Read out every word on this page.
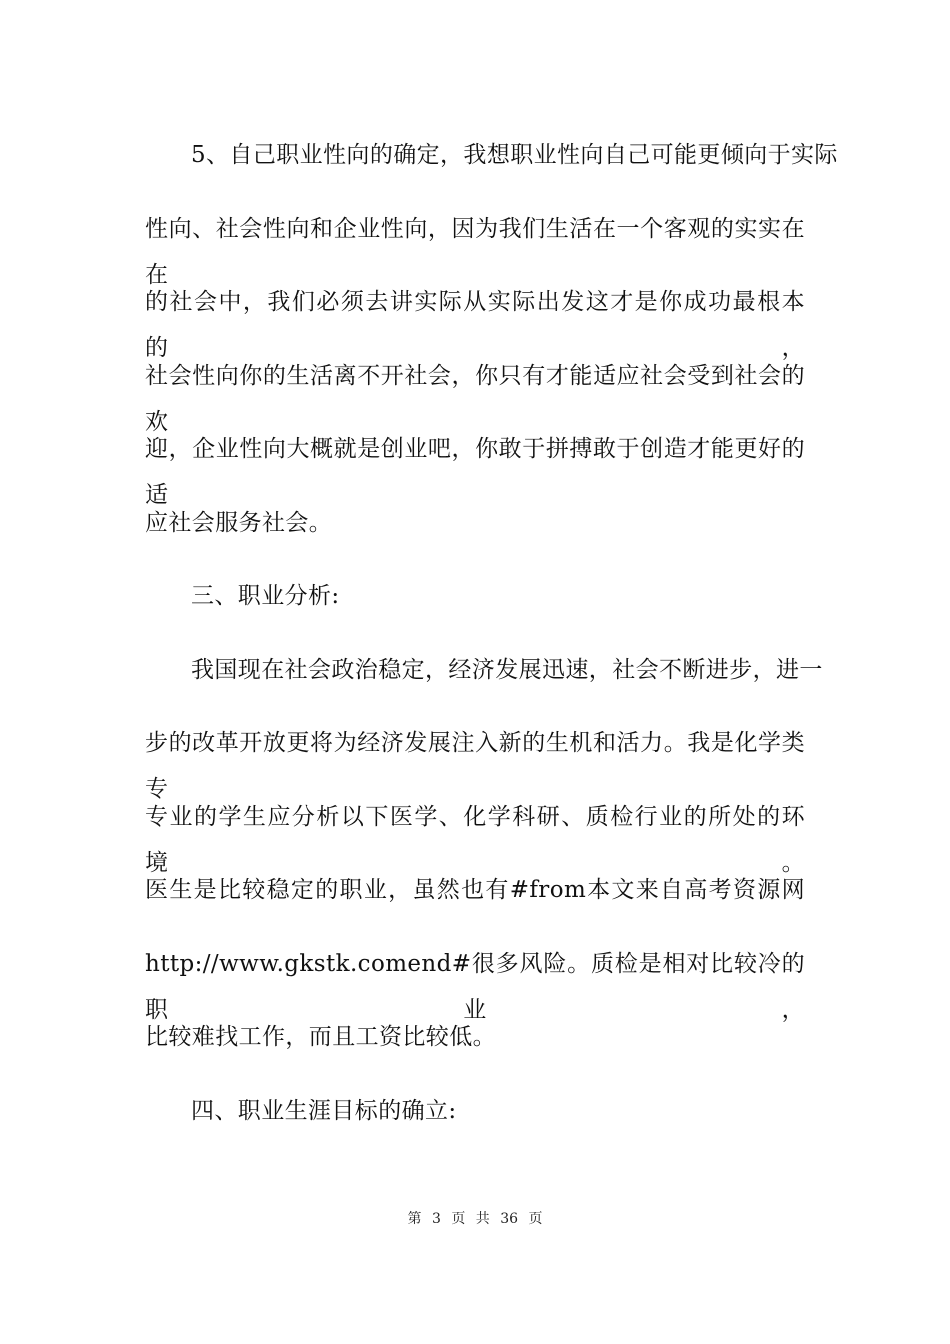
5、自己职业性向的确定，我想职业性向自己可能更倾向于实际
性向、社会性向和企业性向，因为我们生活在一个客观的实实在在
的社会中，我们必须去讲实际从实际出发这才是你成功最根本的，
社会性向你的生活离不开社会，你只有才能适应社会受到社会的欢
迎，企业性向大概就是创业吧，你敢于拼搏敢于创造才能更好的适
应社会服务社会。
三、职业分析:
我国现在社会政治稳定，经济发展迅速，社会不断进步，进一
步的改革开放更将为经济发展注入新的生机和活力。我是化学类专
专业的学生应分析以下医学、化学科研、质检行业的所处的环境。
医生是比较稳定的职业，虽然也有#from本文来自高考资源网
http://www.gkstk.comend#很多风险。质检是相对比较冷的职业，
比较难找工作，而且工资比较低。
四、职业生涯目标的确立:
第 3 页 共 36 页
